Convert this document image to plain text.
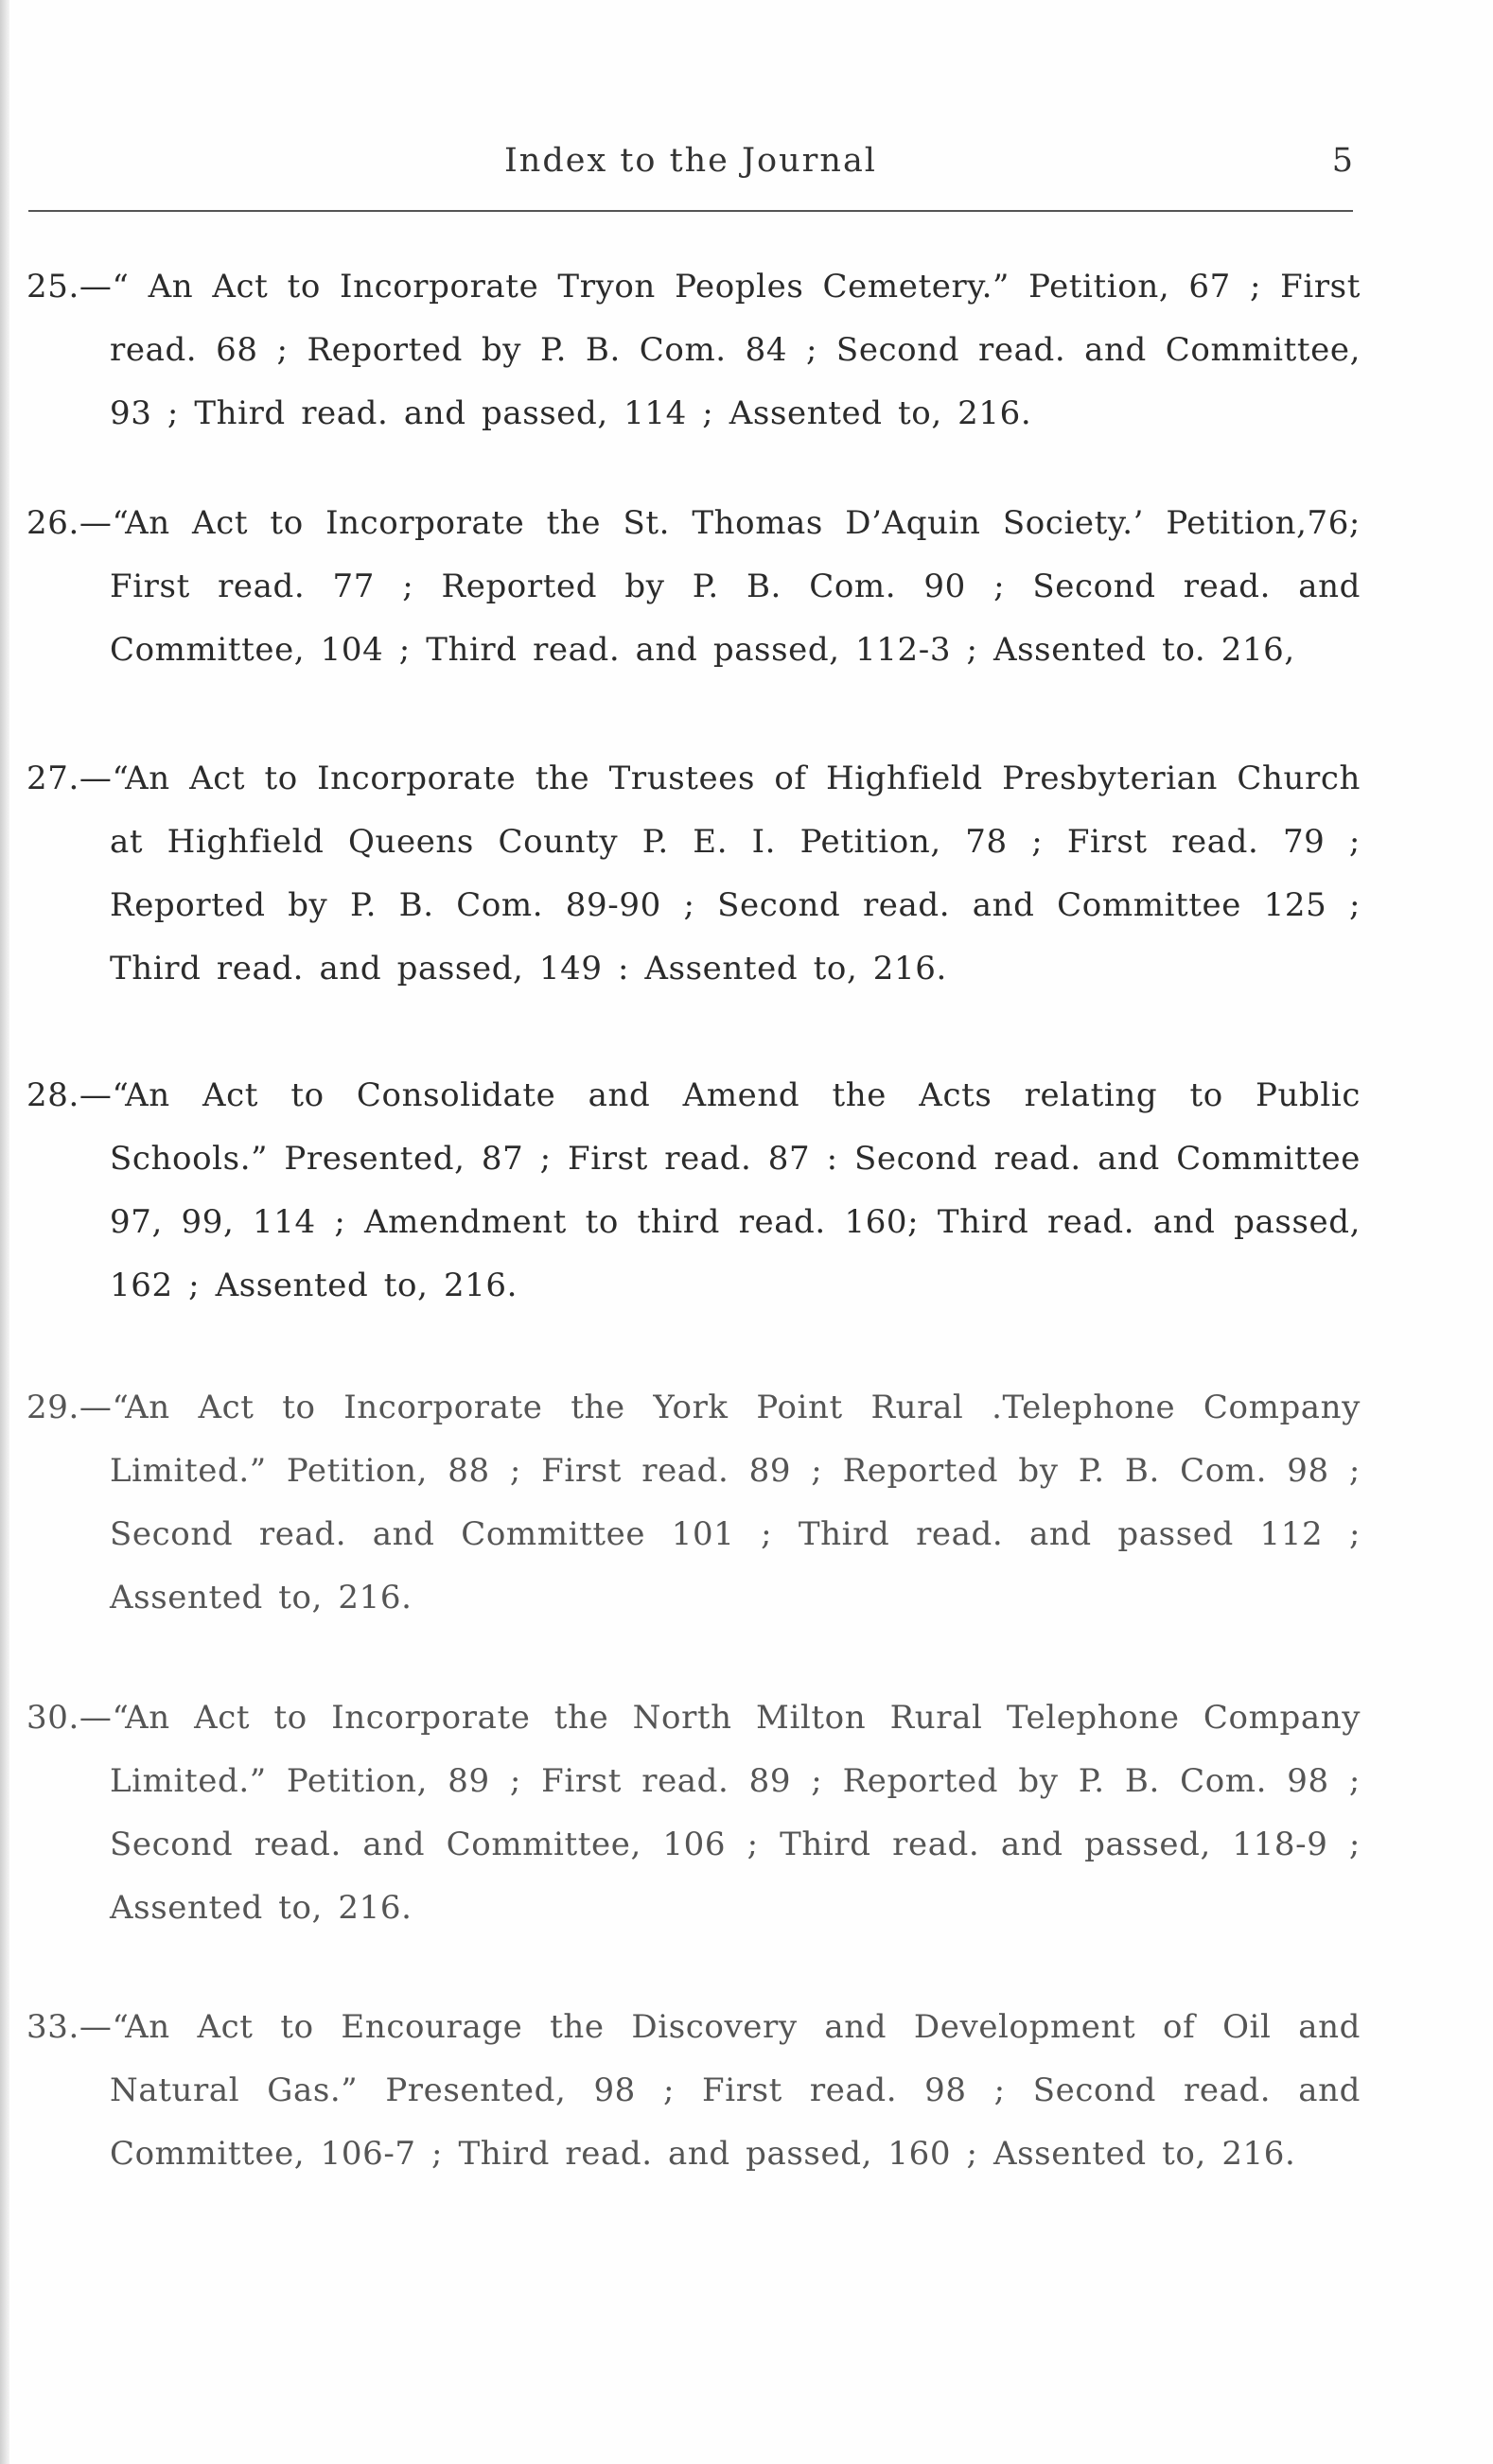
Index to the Journal	5

25.—“ An Act to Incorporate Tryon Peoples Cemetery.” Petition, 67 ; First read. 68 ; Reported by P. B. Com. 84 ; Second read. and Committee, 93 ; Third read. and passed, 114 ; Assented to, 216.

26.—“An Act to Incorporate the St. Thomas D’Aquin Society.’ Petition,76; First read. 77 ; Reported by P. B. Com. 90 ; Second read. and Committee, 104 ; Third read. and passed, 112-3 ; Assented to. 216,

27.—“An Act to Incorporate the Trustees of Highfield Presbyterian Church at Highfield Queens County P. E. I. Petition, 78 ; First read. 79 ; Reported by P. B. Com. 89-90 ; Second read. and Committee 125 ; Third read. and passed, 149 : Assented to, 216.

28.—“An Act to Consolidate and Amend the Acts relating to Public Schools.” Presented, 87 ; First read. 87 : Second read. and Committee 97, 99, 114 ; Amendment to third read. 160; Third read. and passed, 162 ; Assented to, 216.

29.—“An Act to Incorporate the York Point Rural .Telephone Company Limited.” Petition, 88 ; First read. 89 ; Reported by P. B. Com. 98 ; Second read. and Committee 101 ; Third read. and passed 112 ; Assented to, 216.

30.—“An Act to Incorporate the North Milton Rural Telephone Company Limited.” Petition, 89 ; First read. 89 ; Reported by P. B. Com. 98 ; Second read. and Committee, 106 ; Third read. and passed, 118-9 ; Assented to, 216.

33.—“An Act to Encourage the Discovery and Development of Oil and Natural Gas.” Presented, 98 ; First read. 98 ; Second read. and Committee, 106-7 ; Third read. and passed, 160 ; Assented to, 216.
